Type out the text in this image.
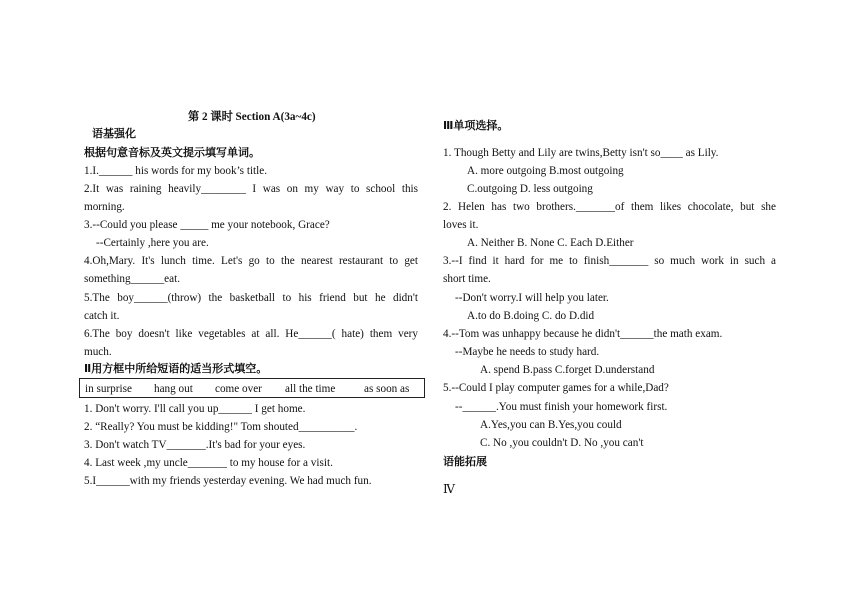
第 2 课时 Section A(3a~4c)
语基强化
根据句意音标及英文提示填写单词。
1.I.______ his words for my book’s title.
2.It was raining heavily________ I was on my way to school this
morning.
3.--Could you please _____ me your notebook, Grace?
--Certainly ,here you are.
4.Oh,Mary. It's lunch time. Let's go to the nearest restaurant to get
something______eat.
5.The boy______(throw) the basketball to his friend but he didn't
catch it.
6.The boy doesn't like vegetables at all. He______( hate) them very
much.
Ⅱ用方框中所给短语的适当形式填空。
in surprise hang out come over all the time	as soon as
1. Don't worry. I'll call you up______ I get home.
2. “Really? You must be kidding!" Tom shouted__________.
3. Don't watch TV_______.It's bad for your eyes.
4. Last week ,my uncle_______ to my house for a visit.
5.I______with my friends yesterday evening. We had much fun.
Ⅲ单项选择。
1. Though Betty and Lily are twins,Betty isn't so____ as Lily.
A. more outgoing B.most outgoing
C.outgoing D. less outgoing
2. Helen has two brothers._______of them likes chocolate, but she
loves it.
A. Neither B. None C. Each D.Either
3.--I find it hard for me to finish_______ so much work in such a
short time.
--Don't worry.I will help you later.
A.to do B.doing C. do D.did
4.--Tom was unhappy because he didn't______the math exam.
--Maybe he needs to study hard.
A. spend B.pass C.forget D.understand
5.--Could I play computer games for a while,Dad?
--______.You must finish your homework first.
A.Yes,you can B.Yes,you could
C. No ,you couldn't D. No ,you can't
语能拓展
Ⅳ
